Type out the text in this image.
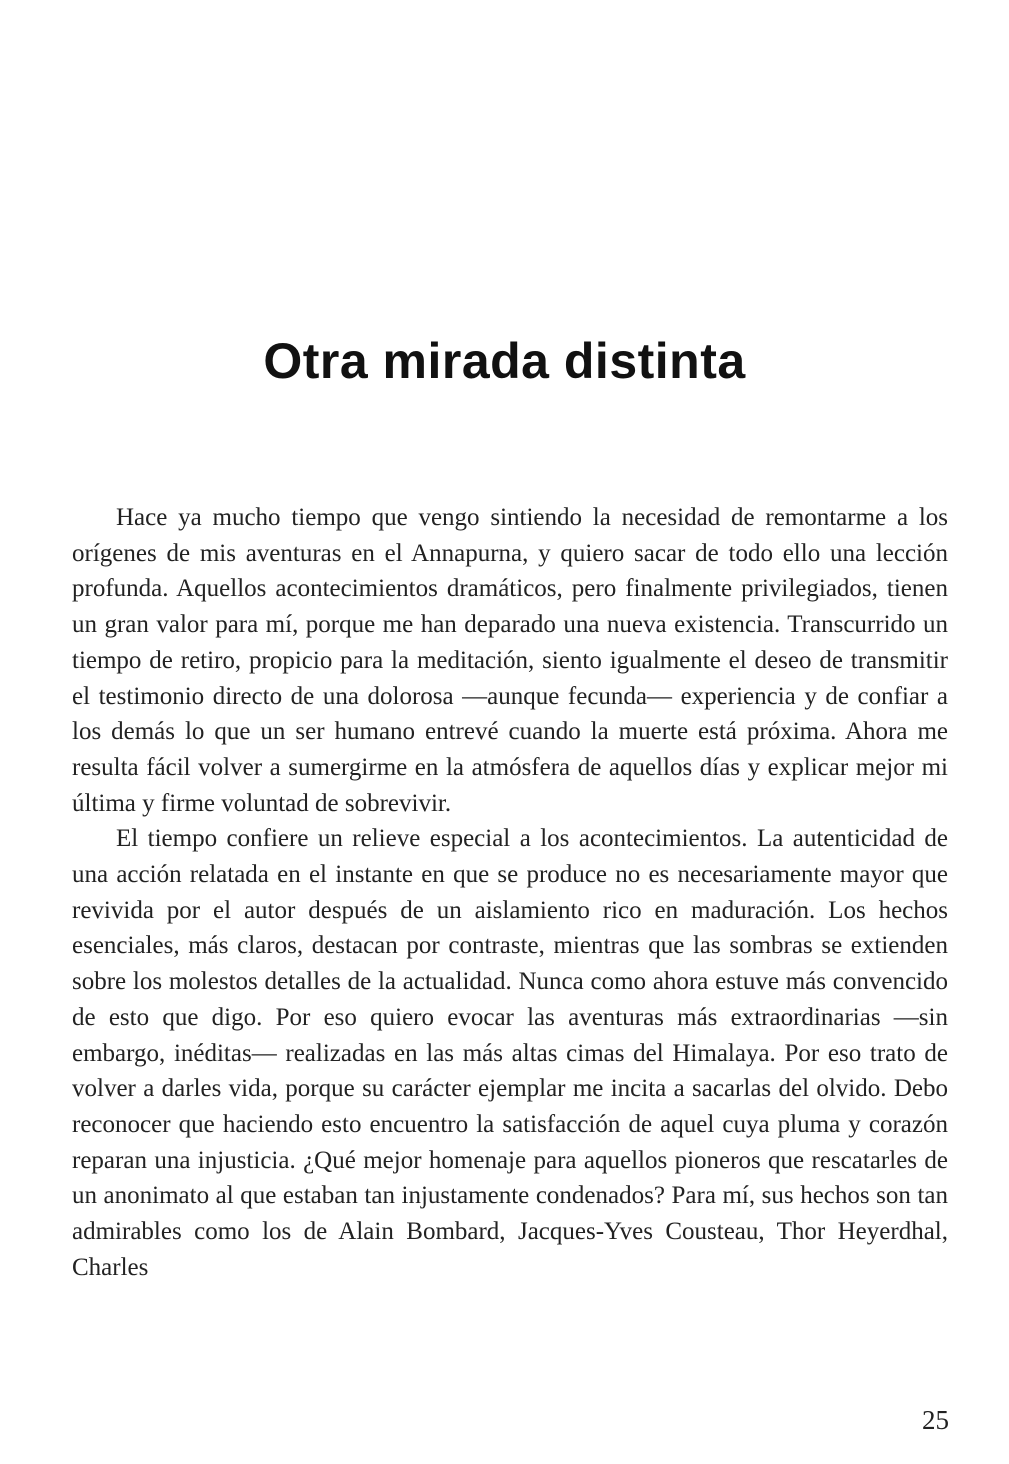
Otra mirada distinta

Hace ya mucho tiempo que vengo sintiendo la necesidad de remontarme a los orígenes de mis aventuras en el Annapurna, y quiero sacar de todo ello una lección profunda. Aquellos acontecimientos dramáticos, pero finalmente privilegiados, tienen un gran valor para mí, porque me han deparado una nueva existencia. Transcurrido un tiempo de retiro, propicio para la meditación, siento igualmente el deseo de transmitir el testimonio directo de una dolorosa —aunque fecunda— experiencia y de confiar a los demás lo que un ser humano entrevé cuando la muerte está próxima. Ahora me resulta fácil volver a sumergirme en la atmósfera de aquellos días y explicar mejor mi última y firme voluntad de sobrevivir.

El tiempo confiere un relieve especial a los acontecimientos. La autenticidad de una acción relatada en el instante en que se produce no es necesariamente mayor que revivida por el autor después de un aislamiento rico en maduración. Los hechos esenciales, más claros, destacan por contraste, mientras que las sombras se extienden sobre los molestos detalles de la actualidad. Nunca como ahora estuve más convencido de esto que digo. Por eso quiero evocar las aventuras más extraordinarias —sin embargo, inéditas— realizadas en las más altas cimas del Himalaya. Por eso trato de volver a darles vida, porque su carácter ejemplar me incita a sacarlas del olvido. Debo reconocer que haciendo esto encuentro la satisfacción de aquel cuya pluma y corazón reparan una injusticia. ¿Qué mejor homenaje para aquellos pioneros que rescatarles de un anonimato al que estaban tan injustamente condenados? Para mí, sus hechos son tan admirables como los de Alain Bombard, Jacques-Yves Cousteau, Thor Heyerdhal, Charles

25
